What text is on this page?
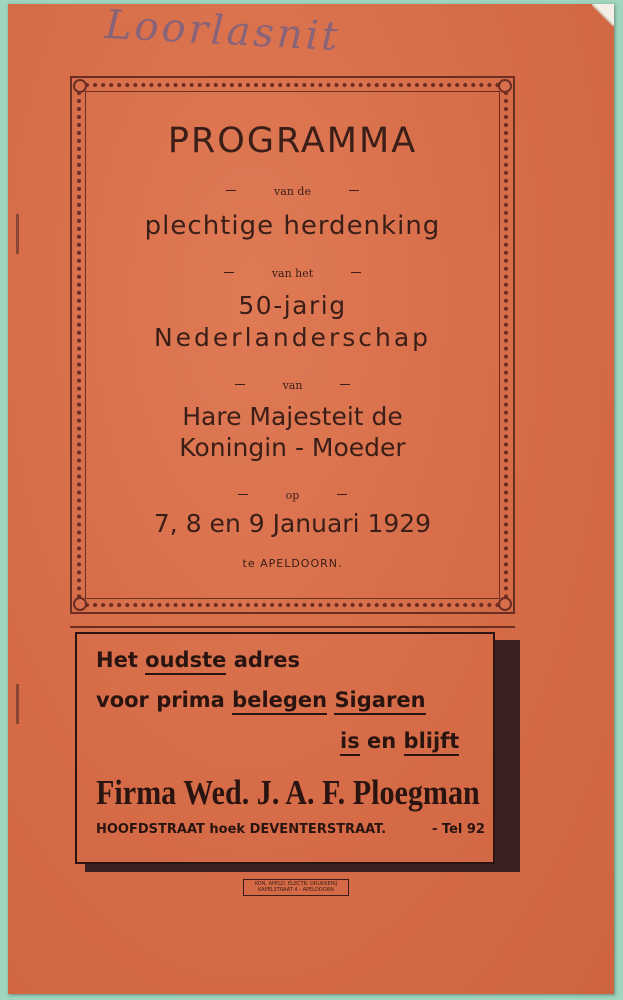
Loorlasnit
PROGRAMMA
van de
plechtige herdenking
van het
50-jarig
Nederlanderschap
van
Hare Majesteit de
Koningin - Moeder
op
7, 8 en 9 Januari 1929
te APELDOORN.
Het oudste adres
voor prima belegen Sigaren
is en blijft
Firma Wed. J. A. F. Ploegman
HOOFDSTRAAT hoek DEVENTERSTRAAT.	- Tel 92
KON. APELD. ELECTR. DRUKKERIJ
KAPELSTRAAT 4 - APELDOORN
